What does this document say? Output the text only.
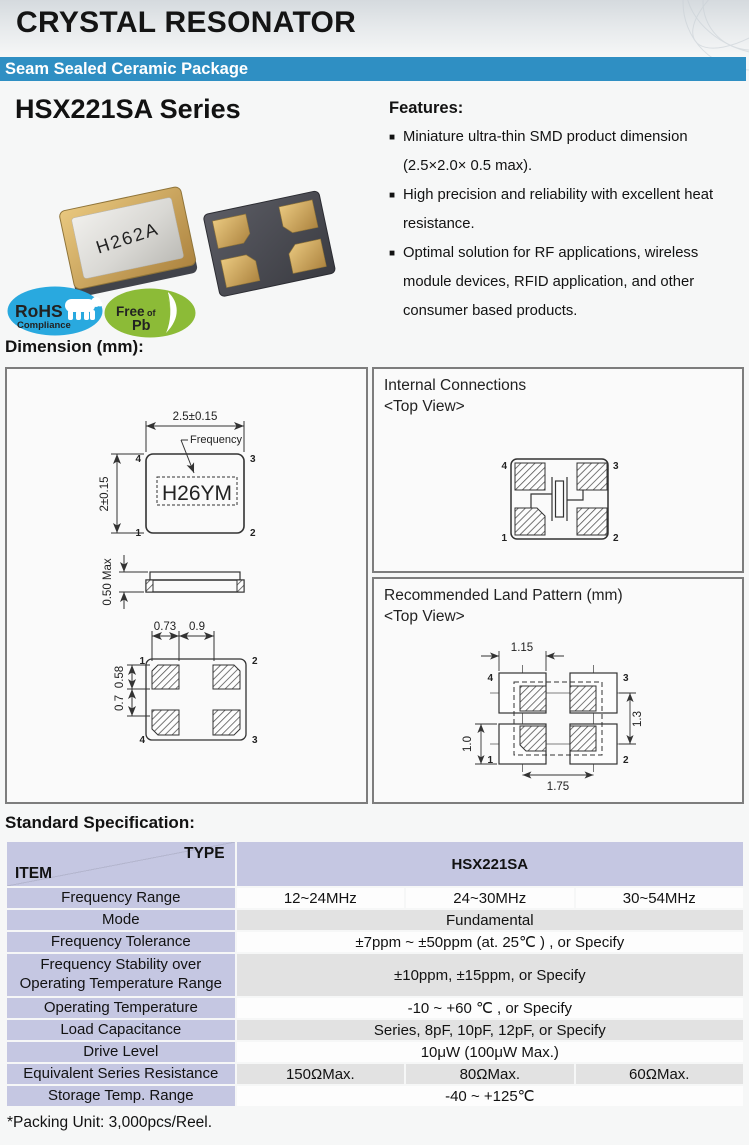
CRYSTAL RESONATOR
Seam Sealed Ceramic Package
HSX221SA Series	Features:
■ Miniature ultra-thin SMD product dimension (2.5×2.0× 0.5 max).
■ High precision and reliability with excellent heat resistance.
■ Optimal solution for RF applications, wireless module devices, RFID application, and other consumer based products.
H262A
RoHS
Compliance
Free of
Pb
Dimension (mm):
2.5±0.15
2±0.15
Frequency
H26YM
4	3
1	2
0.50 Max
0.73 0.9
0.58
0.7
1	2
4	3
Internal Connections
<Top View>
4	3
1	2
Recommended Land Pattern (mm)
<Top View>
1.15
1.3
1.0
1.75
4	3
1	2
Standard Specification:
TYPE
ITEM	HSX221SA		
Frequency Range	12~24MHz	24~30MHz	30~54MHz
Mode	Fundamental		
Frequency Tolerance	±7ppm ~ ±50ppm (at. 25℃ ) , or Specify		
Frequency Stability over Operating Temperature Range	±10ppm, ±15ppm, or Specify		
Operating Temperature	-10 ~ +60 ℃ , or Specify		
Load Capacitance	Series, 8pF, 10pF, 12pF, or Specify		
Drive Level	10μW (100μW Max.)		
Equivalent Series Resistance	150ΩMax.	80ΩMax.	60ΩMax.
Storage Temp. Range	-40 ~ +125℃		
*Packing Unit: 3,000pcs/Reel.
